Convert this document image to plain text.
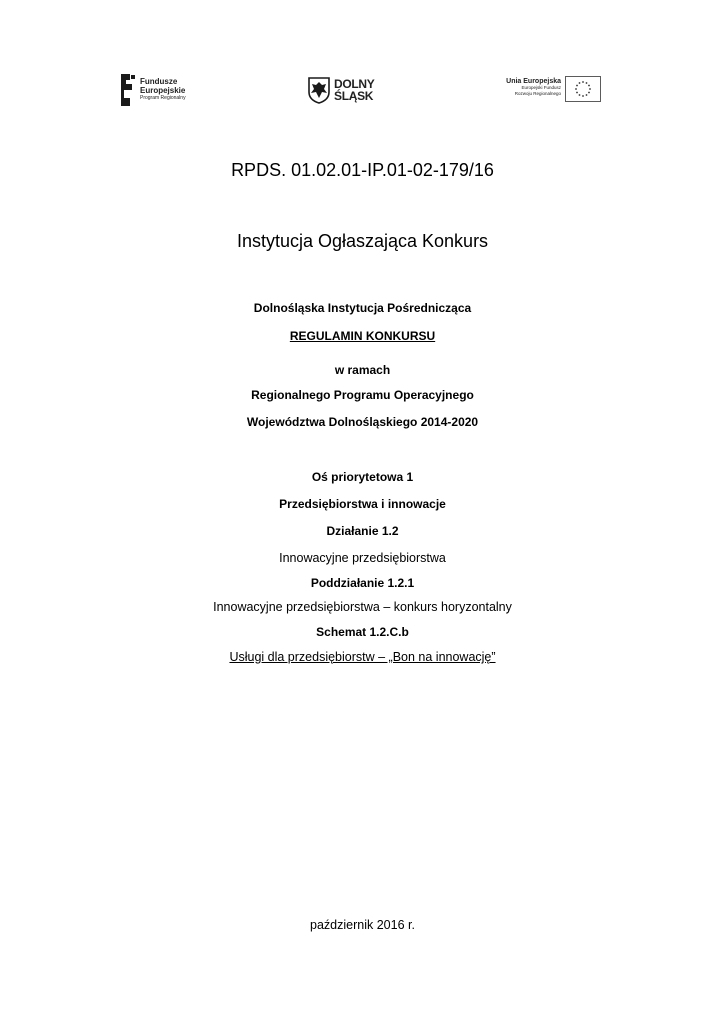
Fundusze
Europejskie
Program Regionalny
DOLNY
ŚLĄSK
Unia Europejska
Europejski Fundusz
Rozwoju Regionalnego
RPDS. 01.02.01-IP.01-02-179/16
Instytucja Ogłaszająca Konkurs
Dolnośląska Instytucja Pośrednicząca
REGULAMIN KONKURSU
w ramach
Regionalnego Programu Operacyjnego
Województwa Dolnośląskiego 2014-2020
Oś priorytetowa 1
Przedsiębiorstwa i innowacje
Działanie 1.2
Innowacyjne przedsiębiorstwa
Poddziałanie 1.2.1
Innowacyjne przedsiębiorstwa – konkurs horyzontalny
Schemat 1.2.C.b
Usługi dla przedsiębiorstw – „Bon na innowację”
październik 2016 r.
